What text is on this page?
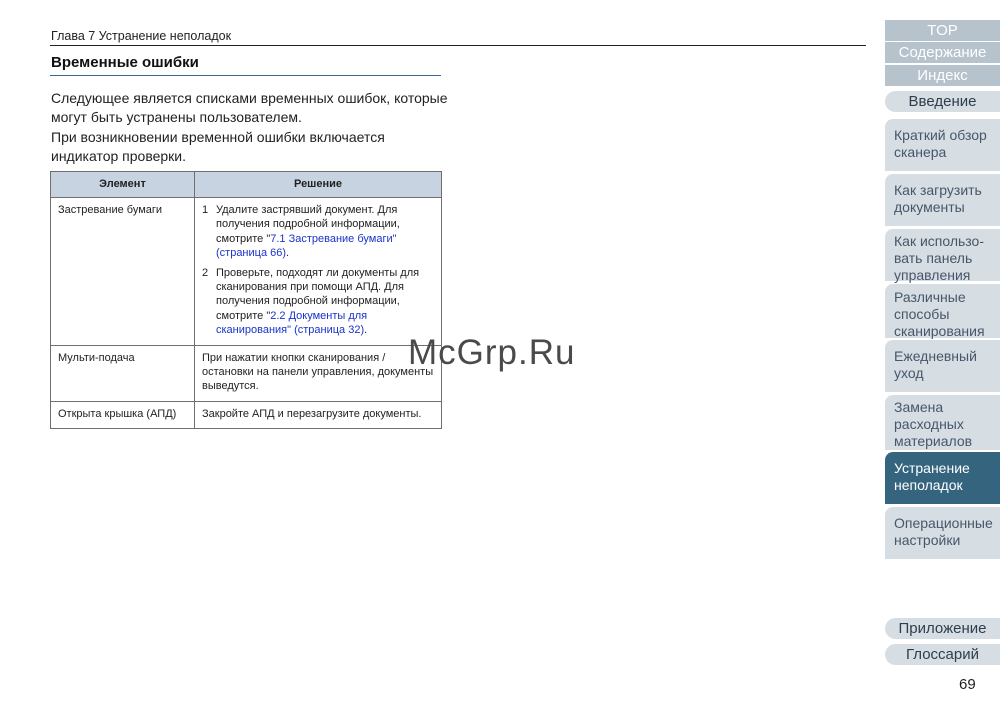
Глава 7 Устранение неполадок
Временные ошибки

Следующее является списками временных ошибок, которые могут быть устранены пользователем.

При возникновении временной ошибки включается индикатор проверки.

Элемент	Решение
Застревание бумаги	1 Удалите застрявший документ. Для получения подробной информации, смотрите "7.1 Застревание бумаги" (страница 66).
2 Проверьте, подходят ли документы для сканирования при помощи АПД. Для получения подробной информации, смотрите "2.2 Документы для сканирования" (страница 32).

Мульти-подача	При нажатии кнопки сканирования / остановки на панели управления, документы выведутся.
Открыта крышка (АПД)	Закройте АПД и перезагрузите документы.
McGrp.Ru
TOP
Содержание
Индекс
Введение
Краткий обзор сканера
Как загрузить документы
Как использо-вать панель управления
Различные способы сканирования
Ежедневный уход
Замена расходных материалов
Устранение неполадок
Операционные настройки
Приложение
Глоссарий
69
